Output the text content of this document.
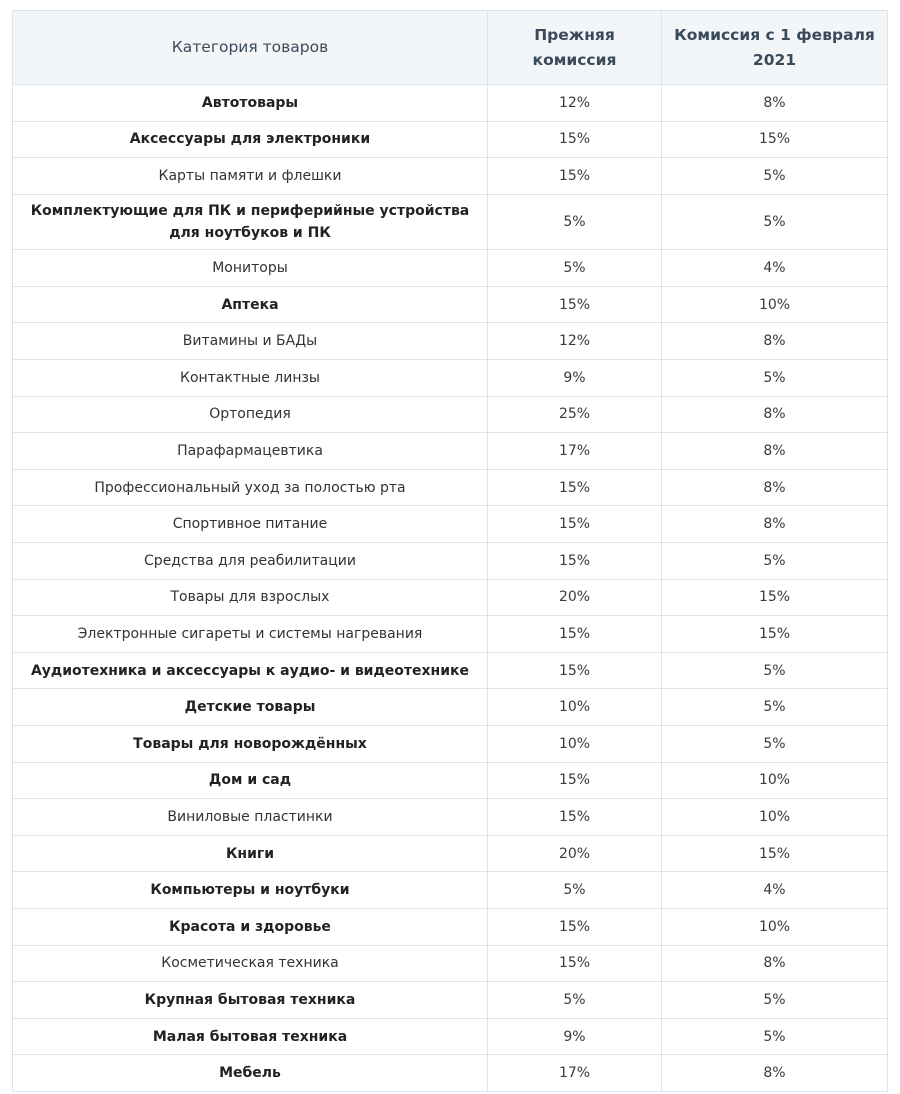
Категория товаров	Прежняя комиссия	Комиссия с 1 февраля 2021
Автотовары	12%	8%
Аксессуары для электроники	15%	15%
Карты памяти и флешки	15%	5%
Комплектующие для ПК и периферийные устройства для ноутбуков и ПК	5%	5%
Мониторы	5%	4%
Аптека	15%	10%
Витамины и БАДы	12%	8%
Контактные линзы	9%	5%
Ортопедия	25%	8%
Парафармацевтика	17%	8%
Профессиональный уход за полостью рта	15%	8%
Спортивное питание	15%	8%
Средства для реабилитации	15%	5%
Товары для взрослых	20%	15%
Электронные сигареты и системы нагревания	15%	15%
Аудиотехника и аксессуары к аудио- и видеотехнике	15%	5%
Детские товары	10%	5%
Товары для новорождённых	10%	5%
Дом и сад	15%	10%
Виниловые пластинки	15%	10%
Книги	20%	15%
Компьютеры и ноутбуки	5%	4%
Красота и здоровье	15%	10%
Косметическая техника	15%	8%
Крупная бытовая техника	5%	5%
Малая бытовая техника	9%	5%
Мебель	17%	8%
